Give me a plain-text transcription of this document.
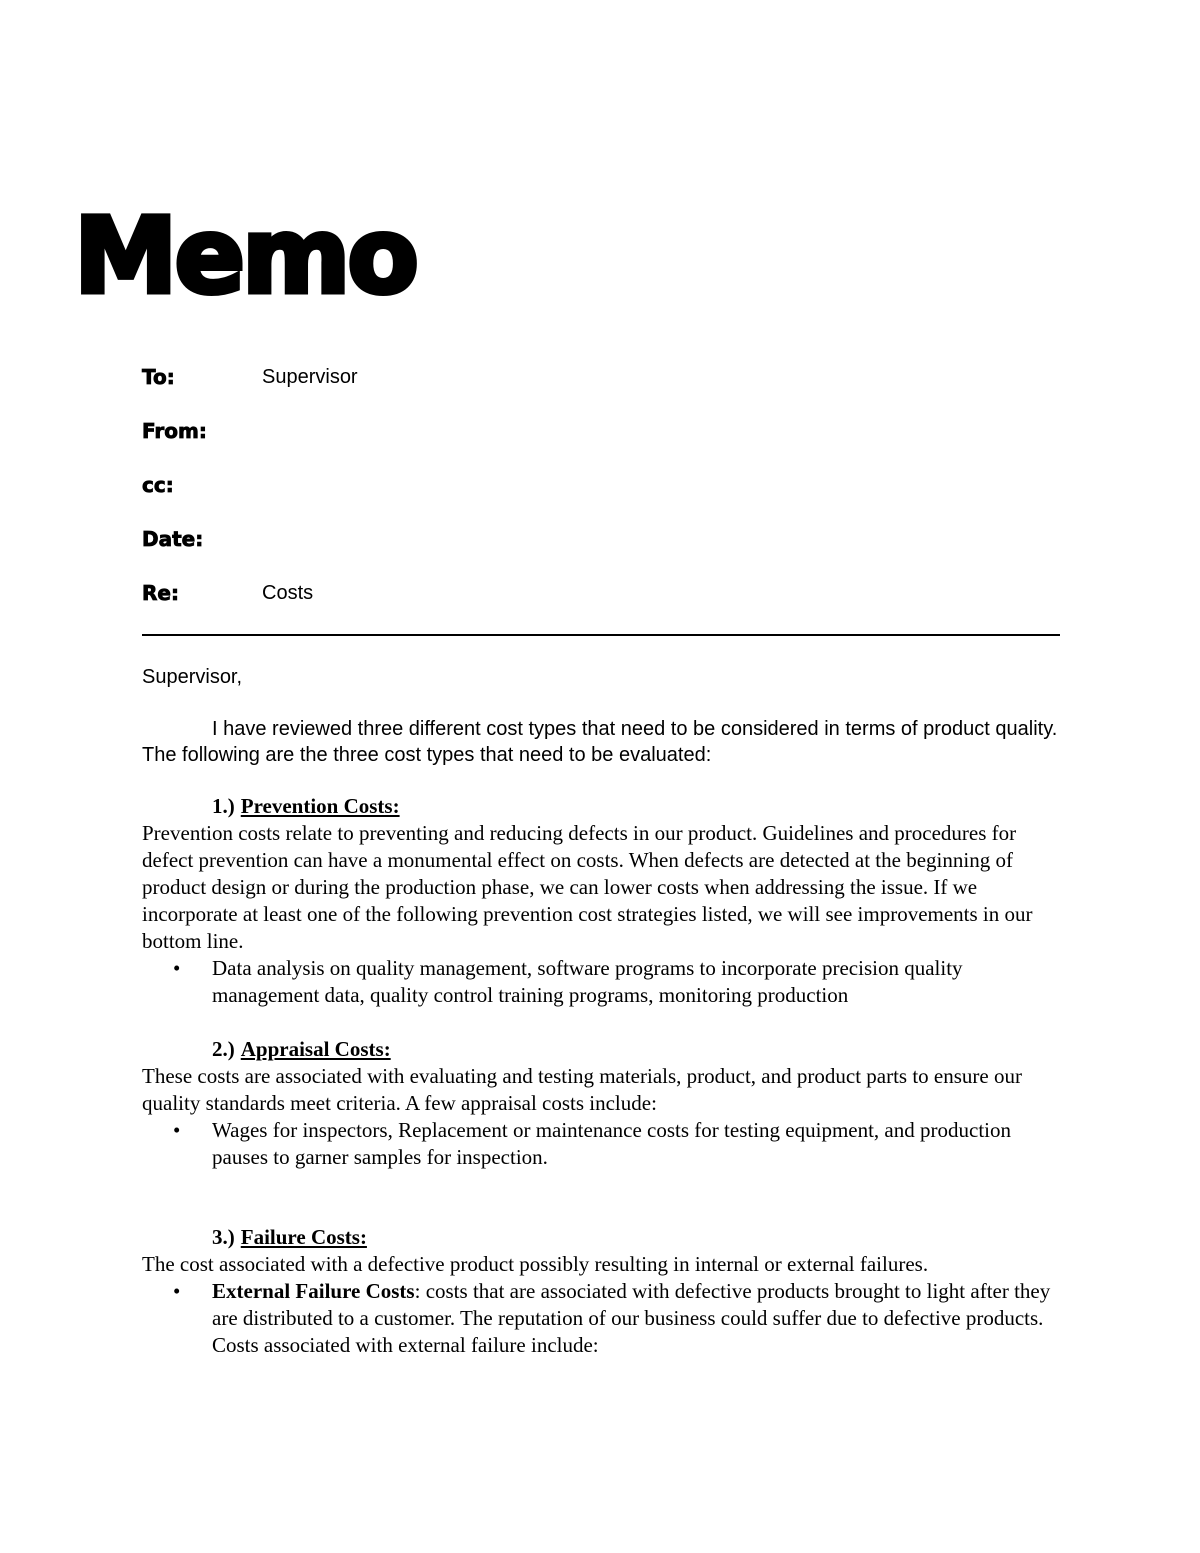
Memo
To:	Supervisor
From:
cc:
Date:
Re:	Costs

Supervisor,

I have reviewed three different cost types that need to be considered in terms of product quality. The following are the three cost types that need to be evaluated:

1.) Prevention Costs:

Prevention costs relate to preventing and reducing defects in our product. Guidelines and procedures for defect prevention can have a monumental effect on costs. When defects are detected at the beginning of product design or during the production phase, we can lower costs when addressing the issue. If we incorporate at least one of the following prevention cost strategies listed, we will see improvements in our bottom line.

• Data analysis on quality management, software programs to incorporate precision quality management data, quality control training programs, monitoring production

2.) Appraisal Costs:

These costs are associated with evaluating and testing materials, product, and product parts to ensure our quality standards meet criteria. A few appraisal costs include:

• Wages for inspectors, Replacement or maintenance costs for testing equipment, and production pauses to garner samples for inspection.

3.) Failure Costs:

The cost associated with a defective product possibly resulting in internal or external failures.

• External Failure Costs: costs that are associated with defective products brought to light after they are distributed to a customer. The reputation of our business could suffer due to defective products. Costs associated with external failure include:
